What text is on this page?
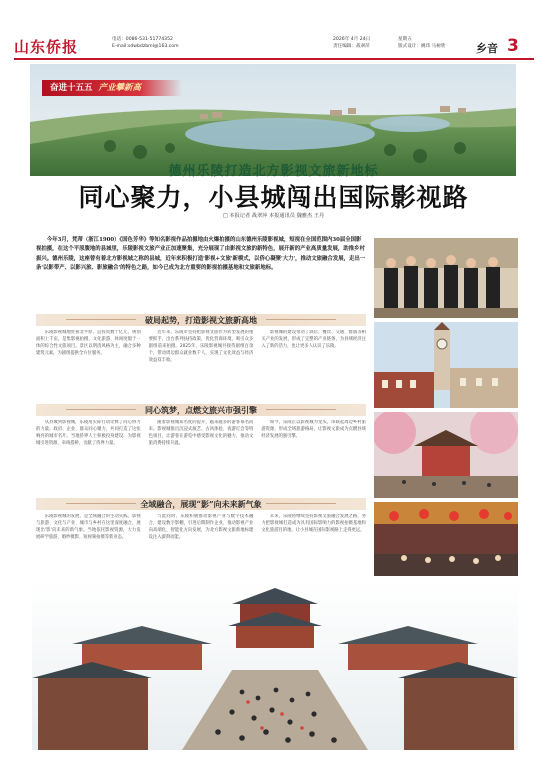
山东侨报	电话：0086-531-51774352
E-mail:sdwbdzbml@163.com
2026年 4月 24日
责任编辑：战翠萍
星期五
版式设计：姚玮 马树欣	乡音 3
奋进十五五 产业攀新高
德州乐陵打造北方影视文旅新地标
同心聚力，小县城闯出国际影视路
□ 本报记者 战翠萍 本报通讯员 魏雅杰 王丹
今年3月，梵蒂（浙江1900）《国色芳华》等知名影视作品拍摄地由火爆拍摄的山东德州乐陵影视城，短视在全国范围内30届全国影视拍摄，在这个平原腹地的县城里，乐陵影视文旅产业正加速聚集，充分展现了由影视文旅的新特色，展开新的产业高质量发展，助推乡村振兴。德州乐陵，这座曾有着北方影视城之称的县城，近年来积极打造'影视+文旅'新模式，以侨心凝聚'大力'，推动文旅融合发展，走出一条'以影带产、以影兴旅、影旅融合'的特色之路，如今已成为北方重要的影视拍摄基地和文旅新地标。
破局起势，打造影视文旅新高地

乐陵影视城地处鲁北平原，总投资数十亿元，规划面积上千亩，是集影视拍摄、文化旅游、休闲度假于一体的综合性文旅项目。景区以明清风格为主，融合多种建筑元素，为剧组提供全方位服务。

近年来，乐陵市坚持把影视文旅作为转型发展的重要抓手，出台系列扶持政策，优化营商环境，吸引众多剧组前来拍摄。2025年，乐陵影视城共接待剧组百余个，带动周边群众就业数千人，实现了文化效益与经济效益双丰收。

影视城的建设带动了酒店、餐饮、交通、群演等相关产业的发展，形成了完整的产业链条，为县域经济注入了新的活力，也让更多人认识了乐陵。

同心筑梦，点燃文旅兴市强引擎

从县城到影视城，乐陵用实际行动诠释了同心协力的力量。政府、企业、群众同心聚力，共同打造了这张响亮的城市名片。当地侨界人士积极投身建设，为影视城引进资源、牵线搭桥，贡献了侨界力量。

随着影视城知名度的提升，越来越多的游客慕名而来。影视城推出沉浸式演艺、古风体验、夜游灯会等特色项目，让游客在游览中感受影视文化的魅力，推动文旅消费持续升温。

如今，乐陵正以影视城为龙头，串联起周边乡村旅游资源，形成全域旅游格局，让影视文旅成为点燃县域经济发展的强引擎。

全域融合，展现“影”向未来新气象

乐陵影视城的发展，是全域融合的生动实践。影视与旅游、文化与产业、城市与乡村在这里深度融合，展现出'影'向未来的新气象。当地依托影视资源，大力发展研学旅游、婚纱摄影、短视频拍摄等新业态。

与此同时，乐陵积极推动影视产业与数字技术融合，建设数字影棚，引进后期制作企业，推动影视产业向高端化、智能化方向发展，为北方影视文旅新地标建设注入澎湃动能。

未来，乐陵将继续坚持影视文旅融合发展之路，努力把影视城打造成为具有国际影响力的影视拍摄基地和文化旅游目的地，让小县城在国际影视路上走得更远。
